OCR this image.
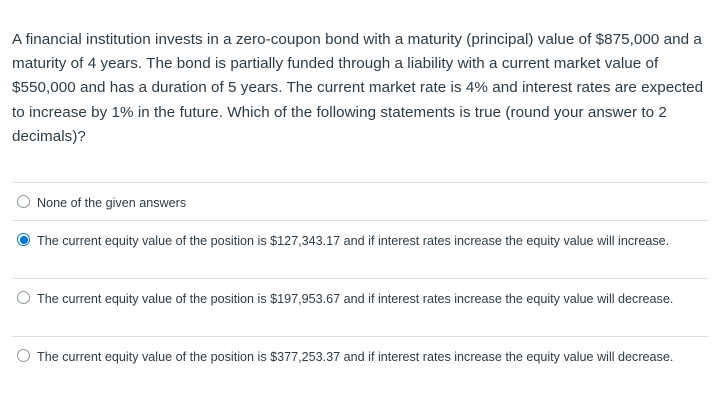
A financial institution invests in a zero-coupon bond with a maturity (principal) value of $875,000 and a maturity of 4 years. The bond is partially funded through a liability with a current market value of $550,000 and has a duration of 5 years. The current market rate is 4% and interest rates are expected to increase by 1% in the future. Which of the following statements is true (round your answer to 2 decimals)?
None of the given answers
The current equity value of the position is $127,343.17 and if interest rates increase the equity value will increase.
The current equity value of the position is $197,953.67 and if interest rates increase the equity value will decrease.
The current equity value of the position is $377,253.37 and if interest rates increase the equity value will decrease.
